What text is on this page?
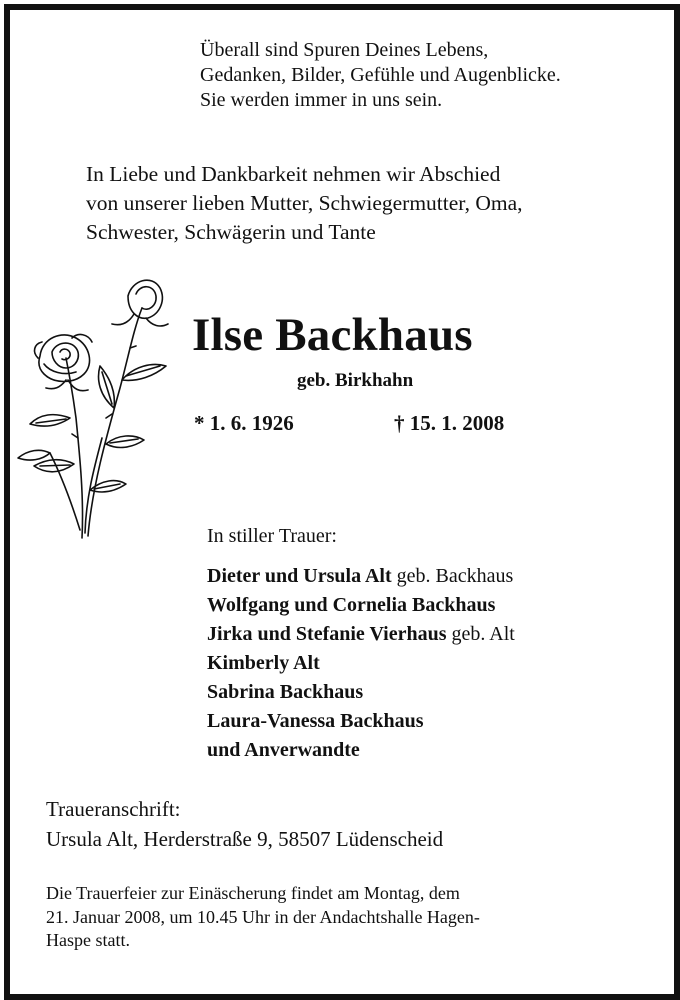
Überall sind Spuren Deines Lebens,
Gedanken, Bilder, Gefühle und Augenblicke.
Sie werden immer in uns sein.
In Liebe und Dankbarkeit nehmen wir Abschied
von unserer lieben Mutter, Schwiegermutter, Oma,
Schwester, Schwägerin und Tante
Ilse Backhaus
geb. Birkhahn
* 1. 6. 1926	† 15. 1. 2008
In stiller Trauer:
Dieter und Ursula Alt geb. Backhaus
Wolfgang und Cornelia Backhaus
Jirka und Stefanie Vierhaus geb. Alt
Kimberly Alt
Sabrina Backhaus
Laura-Vanessa Backhaus
und Anverwandte
Traueranschrift:
Ursula Alt, Herderstraße 9, 58507 Lüdenscheid
Die Trauerfeier zur Einäscherung findet am Montag, dem
21. Januar 2008, um 10.45 Uhr in der Andachtshalle Hagen-
Haspe statt.
